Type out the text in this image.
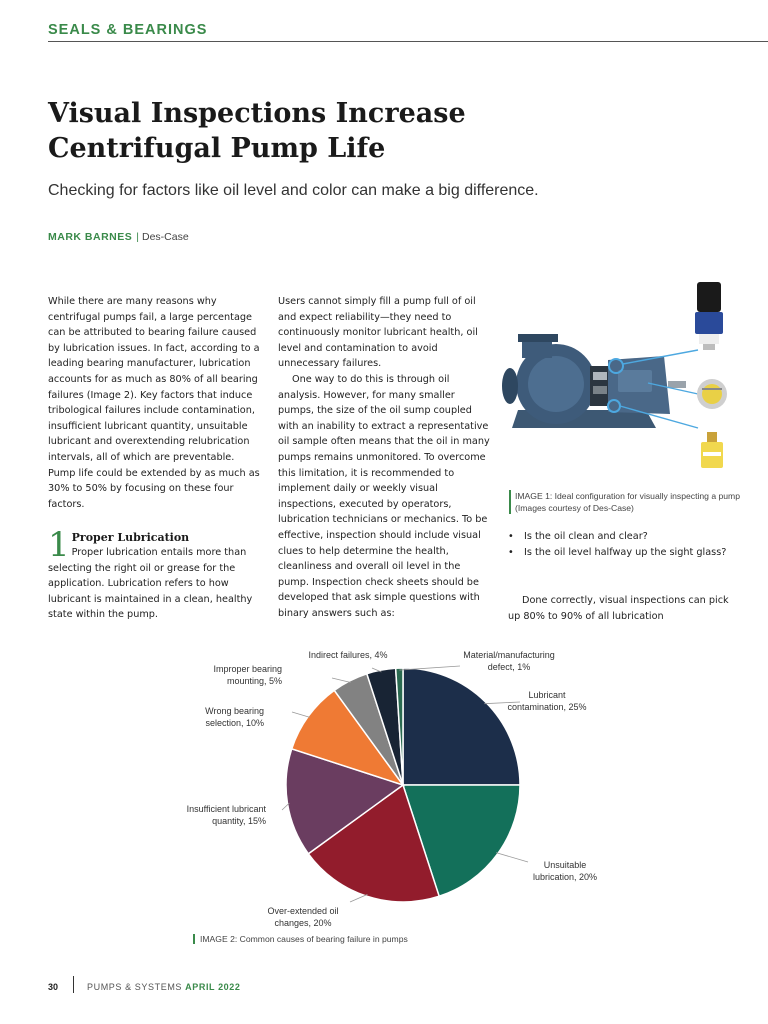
SEALS & BEARINGS
Visual Inspections Increase
Centrifugal Pump Life
Checking for factors like oil level and color can make a big difference.
MARK BARNES | Des-Case

While there are many reasons why centrifugal pumps fail, a large percentage can be attributed to bearing failure caused by lubrication issues. In fact, according to a leading bearing manufacturer, lubrication accounts for as much as 80% of all bearing failures (Image 2). Key factors that induce tribological failures include contamination, insufficient lubricant quantity, unsuitable lubricant and overextending relubrication intervals, all of which are preventable. Pump life could be extended by as much as 30% to 50% by focusing on these four factors.

1 Proper Lubrication

Proper lubrication entails more than selecting the right oil or grease for the application. Lubrication refers to how lubricant is maintained in a clean, healthy state within the pump.

Users cannot simply fill a pump full of oil and expect reliability—they need to continuously monitor lubricant health, oil level and contamination to avoid unnecessary failures.

One way to do this is through oil analysis. However, for many smaller pumps, the size of the oil sump coupled with an inability to extract a representative oil sample often means that the oil in many pumps remains unmonitored. To overcome this limitation, it is recommended to implement daily or weekly visual inspections, executed by operators, lubrication technicians or mechanics. To be effective, inspection should include visual clues to help determine the health, cleanliness and overall oil level in the pump. Inspection check sheets should be developed that ask simple questions with binary answers such as:

IMAGE 1: Ideal configuration for visually inspecting a pump (Images courtesy of Des-Case)
• Is the oil clean and clear?
• Is the oil level halfway up the sight glass?

Done correctly, visual inspections can pick up 80% to 90% of all lubrication

Lubricant contamination, 25%
Unsuitable lubrication, 20%
Over-extended oil changes, 20%
Insufficient lubricant quantity, 15%
Wrong bearing selection, 10%
Improper bearing mounting, 5%
Indirect failures, 4%	Material/manufacturing defect, 1%
IMAGE 2: Common causes of bearing failure in pumps
30	PUMPS & SYSTEMS APRIL 2022
